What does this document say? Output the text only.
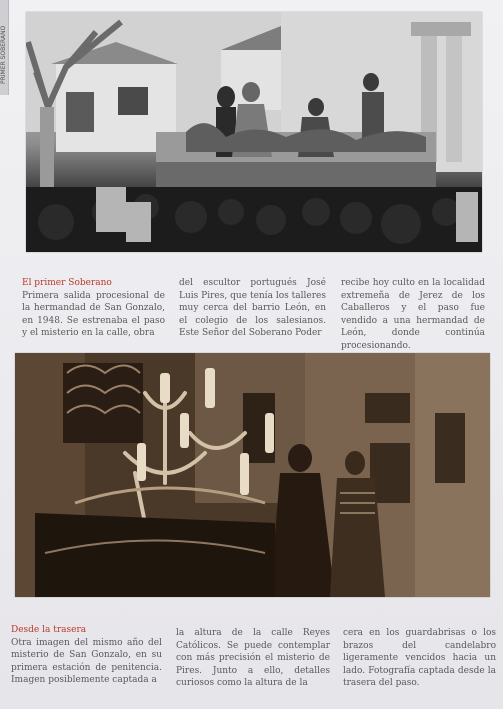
PRIMER SOBERANO
El primer Soberano

Primera salida procesional de la hermandad de San Gonzalo, en 1948. Se estrenaba el paso y el misterio en la calle, obra

del escultor portugués José Luis Pires, que tenía los talleres muy cerca del barrio León, en el colegio de los salesianos. Este Señor del Soberano Poder

recibe hoy culto en la localidad extremeña de Jerez de los Caballeros y el paso fue vendido a una hermandad de León, donde continúa procesionando.

Desde la trasera

Otra imagen del mismo año del misterio de San Gonzalo, en su primera estación de penitencia. Imagen posiblemente captada a

la altura de la calle Reyes Católicos. Se puede contemplar con más precisión el misterio de Pires. Junto a ello, detalles curiosos como la altura de la

cera en los guardabrisas o los brazos del candelabro ligeramente vencidos hacia un lado. Fotografía captada desde la trasera del paso.
